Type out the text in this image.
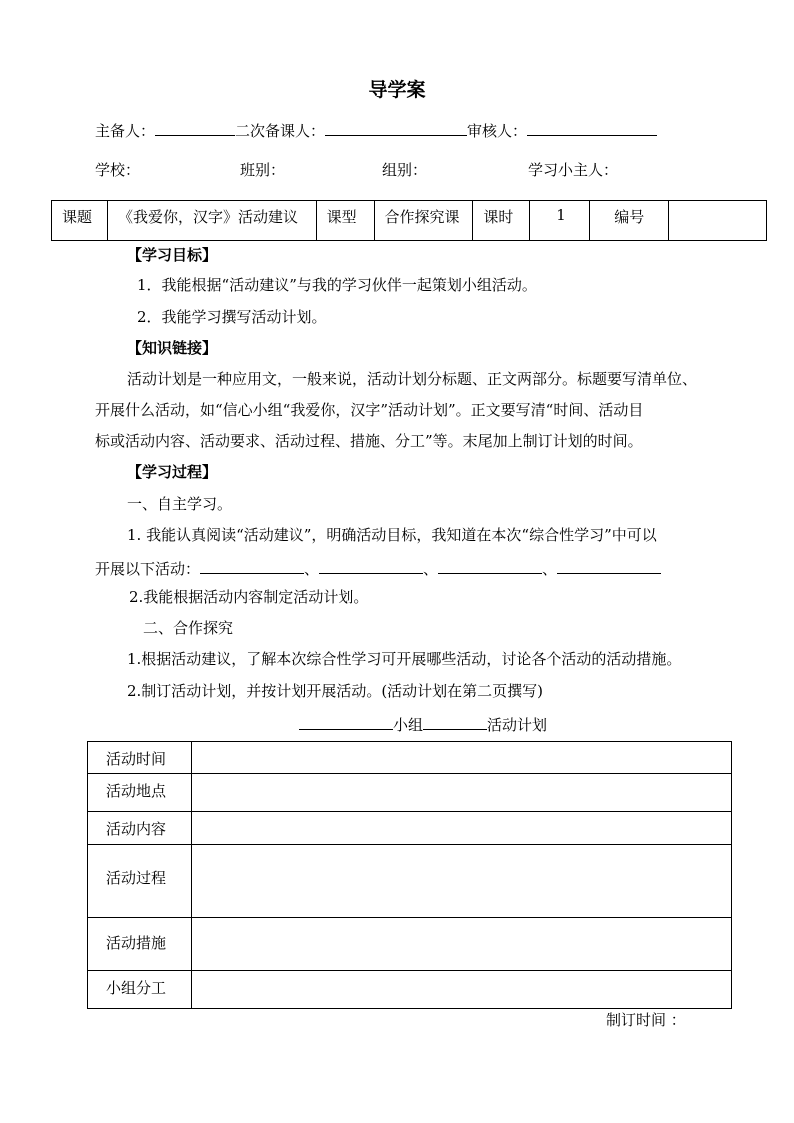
导学案
主备人：	二次备课人：	审核人：
学校：	班别：	组别：	学习小主人：
课题	《我爱你，汉字》活动建议	课型	合作探究课	课时	1	编号	
【学习目标】
1．我能根据“活动建议”与我的学习伙伴一起策划小组活动。
2．我能学习撰写活动计划。
【知识链接】
活动计划是一种应用文，一般来说，活动计划分标题、正文两部分。标题要写清单位、
开展什么活动，如“信心小组“我爱你，汉字”活动计划”。正文要写清“时间、活动目
标或活动内容、活动要求、活动过程、措施、分工”等。末尾加上制订计划的时间。
【学习过程】
一、自主学习。
1. 我能认真阅读“活动建议”，明确活动目标，我知道在本次“综合性学习”中可以
开展以下活动：	、	、	、
2.我能根据活动内容制定活动计划。
二、合作探究
1.根据活动建议，了解本次综合性学习可开展哪些活动，讨论各个活动的活动措施。
2.制订活动计划，并按计划开展活动。(活动计划在第二页撰写)
小组	活动计划
活动时间	
活动地点	
活动内容	
活动过程	
活动措施	
小组分工	
制订时间 ：
